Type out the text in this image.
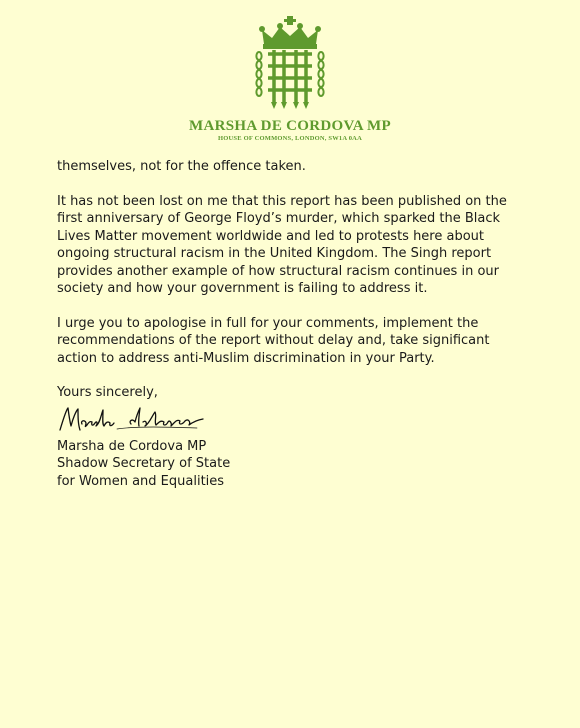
MARSHA DE CORDOVA MP
HOUSE OF COMMONS, LONDON, SW1A 0AA

themselves, not for the offence taken.

It has not been lost on me that this report has been published on the first anniversary of George Floyd’s murder, which sparked the Black Lives Matter movement worldwide and led to protests here about ongoing structural racism in the United Kingdom. The Singh report provides another example of how structural racism continues in our society and how your government is failing to address it.

I urge you to apologise in full for your comments, implement the recommendations of the report without delay and, take significant action to address anti-Muslim discrimination in your Party.

Yours sincerely,

Marsha de Cordova MP
Shadow Secretary of State
for Women and Equalities
